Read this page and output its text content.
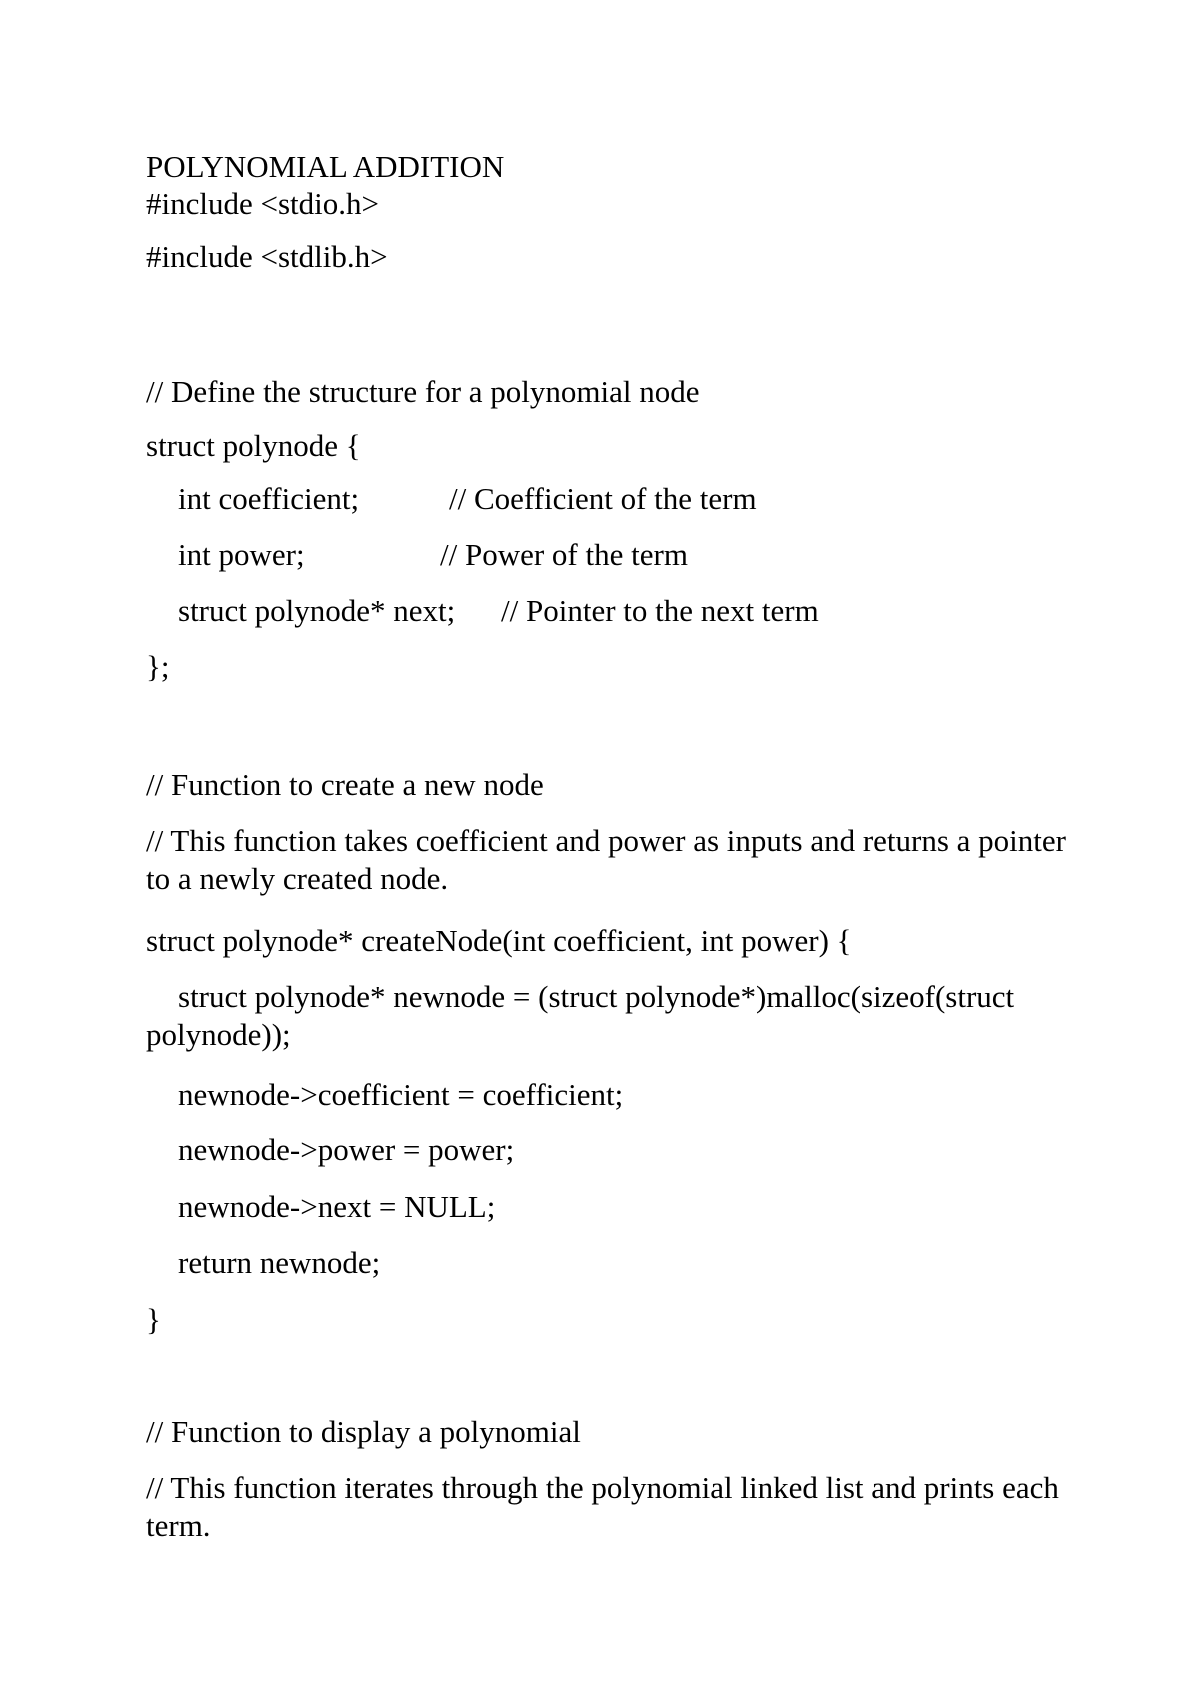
POLYNOMIAL ADDITION
#include <stdio.h>
#include <stdlib.h>
// Define the structure for a polynomial node
struct polynode {
int coefficient;	// Coefficient of the term
int power;	// Power of the term
struct polynode* next; // Pointer to the next term
};
// Function to create a new node
// This function takes coefficient and power as inputs and returns a pointer to a newly created node.
struct polynode* createNode(int coefficient, int power) {
struct polynode* newnode = (struct polynode*)malloc(sizeof(struct polynode));
newnode->coefficient = coefficient;
newnode->power = power;
newnode->next = NULL;
return newnode;
}
// Function to display a polynomial
// This function iterates through the polynomial linked list and prints each term.
